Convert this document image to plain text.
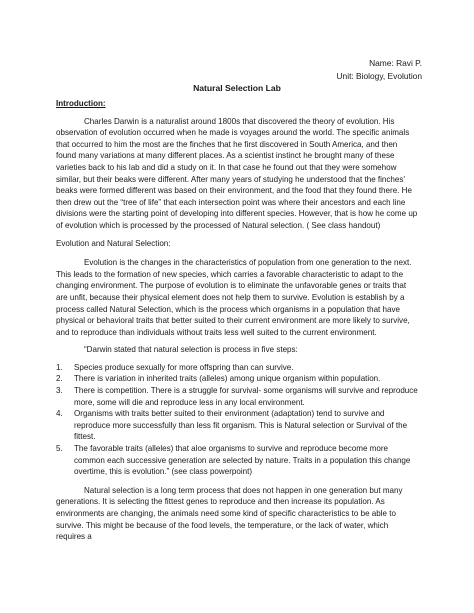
Name: Ravi P.
Unit: Biology, Evolution
Natural Selection Lab
Introduction:

Charles Darwin is a naturalist around 1800s that discovered the theory of evolution. His observation of evolution occurred when he made is voyages around the world. The specific animals that occurred to him the most are the finches that he first discovered in South America, and then found many variations at many different places. As a scientist instinct he brought many of these varieties back to his lab and did a study on it. In that case he found out that they were somehow similar, but their beaks were different. After many years of studying he understood that the finches’ beaks were formed different was based on their environment, and the food that they found there. He then drew out the “tree of life” that each intersection point was where their ancestors and each line divisions were the starting point of developing into different species. However, that is how he come up of evolution which is processed by the processed of Natural selection. ( See class handout)

Evolution and Natural Selection:

Evolution is the changes in the characteristics of population from one generation to the next. This leads to the formation of new species, which carries a favorable characteristic to adapt to the changing environment. The purpose of evolution is to eliminate the unfavorable genes or traits that are unfit, because their physical element does not help them to survive. Evolution is establish by a process called Natural Selection, which is the process which organisms in a population that have physical or behavioral traits that better suited to their current environment are more likely to survive, and to reproduce than individuals without traits less well suited to the current environment.

“Darwin stated that natural selection is process in five steps:

1. Species produce sexually for more offspring than can survive.
2. There is variation in inherited traits (alleles) among unique organism within population.
3. There is competition. There is a struggle for survival- some organisms will survive and reproduce more, some will die and reproduce less in any local environment.
4. Organisms with traits better suited to their environment (adaptation) tend to survive and reproduce more successfully than less fit organism. This is Natural selection or Survival of the fittest.
5. The favorable traits (alleles) that aloe organisms to survive and reproduce become more common each successive generation are selected by nature. Traits in a population this change overtime, this is evolution.” (see class powerpoint)

Natural selection is a long term process that does not happen in one generation but many generations. It is selecting the fittest genes to reproduce and then increase its population. As environments are changing, the animals need some kind of specific characteristics to be able to survive. This might be because of the food levels, the temperature, or the lack of water, which requires a
